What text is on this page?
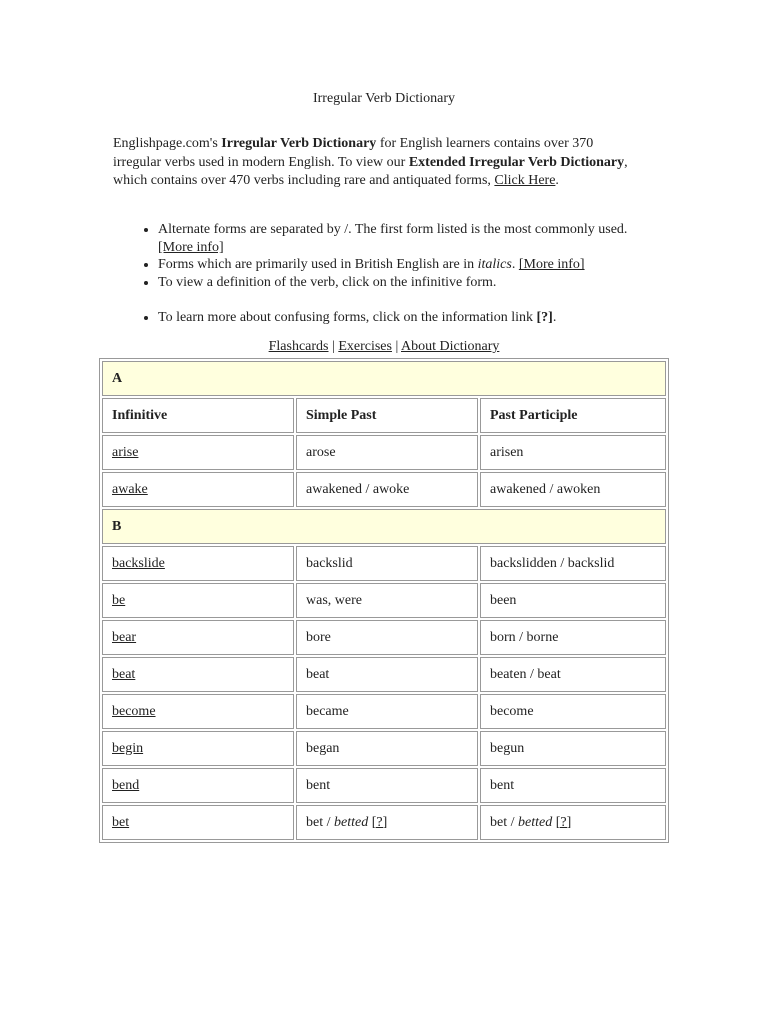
Irregular Verb Dictionary

Englishpage.com's Irregular Verb Dictionary for English learners contains over 370 irregular verbs used in modern English. To view our Extended Irregular Verb Dictionary, which contains over 470 verbs including rare and antiquated forms, Click Here.

• Alternate forms are separated by /. The first form listed is the most commonly used. [More info]
• Forms which are primarily used in British English are in italics. [More info]
• To view a definition of the verb, click on the infinitive form.
• To learn more about confusing forms, click on the information link [?].
Flashcards | Exercises | About Dictionary
A		
Infinitive	Simple Past	Past Participle
arise	arose	arisen
awake	awakened / awoke	awakened / awoken
B		
backslide	backslid	backslidden / backslid
be	was, were	been
bear	bore	born / borne
beat	beat	beaten / beat
become	became	become
begin	began	begun
bend	bent	bent
bet	bet / betted [?]	bet / betted [?]
